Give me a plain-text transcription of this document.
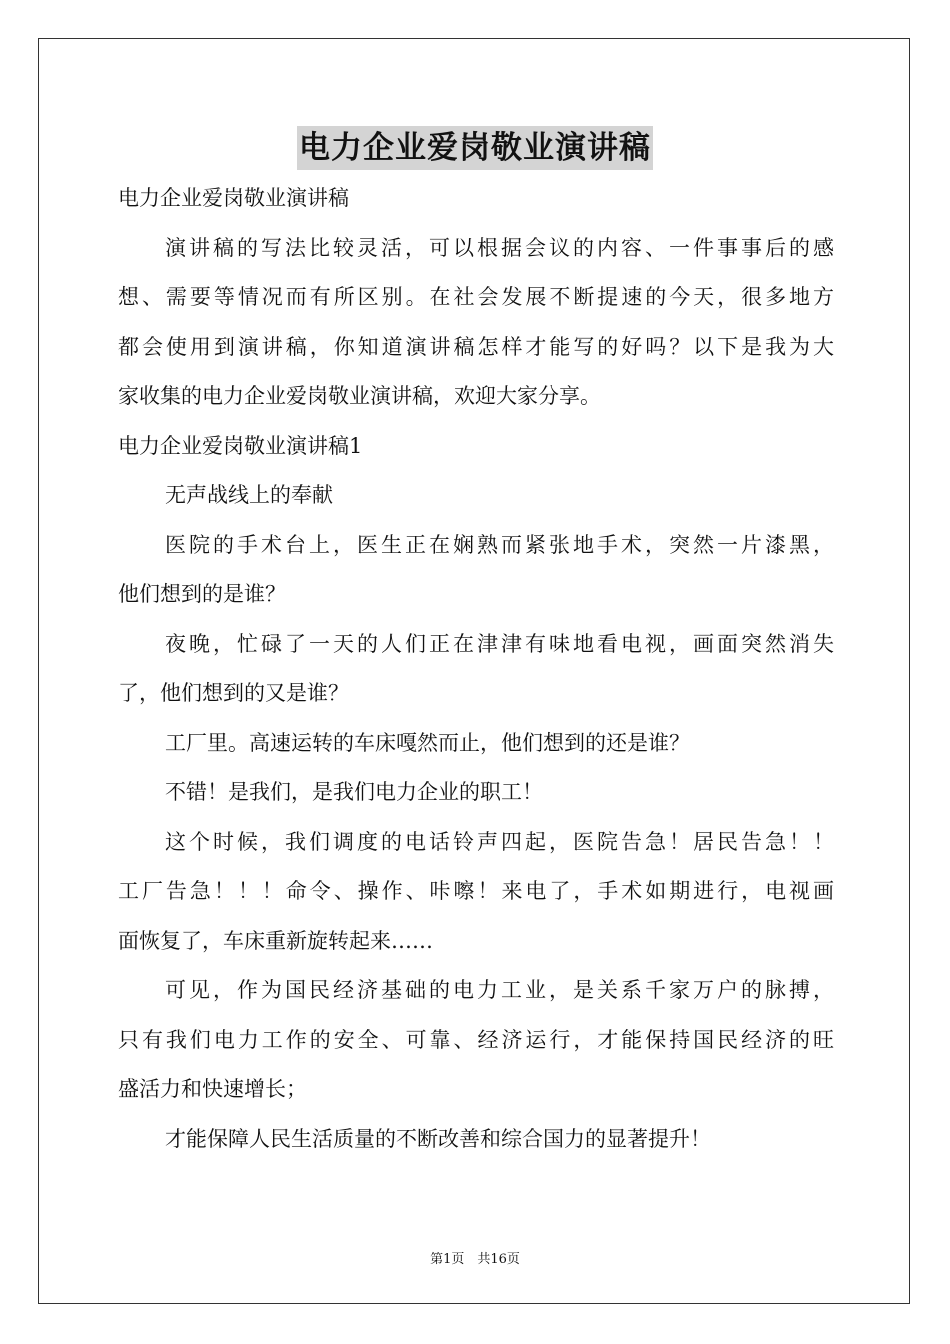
电力企业爱岗敬业演讲稿
电力企业爱岗敬业演讲稿
演讲稿的写法比较灵活，可以根据会议的内容、一件事事后的感
想、需要等情况而有所区别。在社会发展不断提速的今天，很多地方
都会使用到演讲稿，你知道演讲稿怎样才能写的好吗？以下是我为大
家收集的电力企业爱岗敬业演讲稿，欢迎大家分享。
电力企业爱岗敬业演讲稿1
无声战线上的奉献
医院的手术台上，医生正在娴熟而紧张地手术，突然一片漆黑，
他们想到的是谁？
夜晚，忙碌了一天的人们正在津津有味地看电视，画面突然消失
了，他们想到的又是谁？
工厂里。高速运转的车床嘎然而止，他们想到的还是谁？
不错！是我们，是我们电力企业的职工！
这个时候，我们调度的电话铃声四起，医院告急！居民告急！！
工厂告急！！！命令、操作、咔嚓！来电了，手术如期进行，电视画
面恢复了，车床重新旋转起来……
可见，作为国民经济基础的电力工业，是关系千家万户的脉搏，
只有我们电力工作的安全、可靠、经济运行，才能保持国民经济的旺
盛活力和快速增长；
才能保障人民生活质量的不断改善和综合国力的显著提升！
第1页　共16页
